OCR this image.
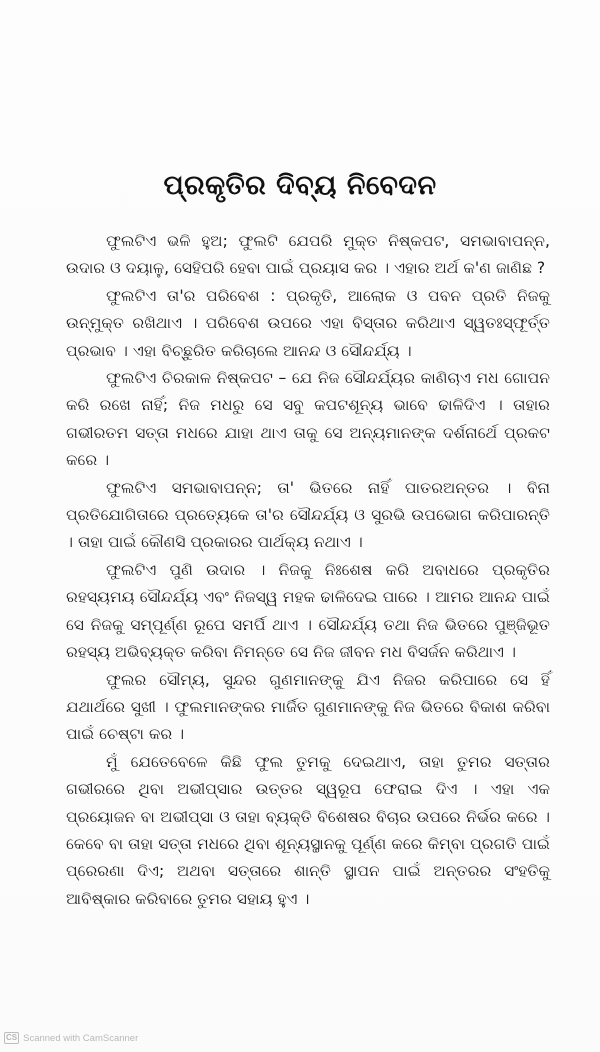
ପ୍ରକୃତିର ଦିବ୍ୟ ନିବେଦନ

ଫୁଲଟିଏ ଭଳି ହୁଅ; ଫୁଲଟି ଯେପରି ମୁକ୍ତ ନିଷ୍କପଟ, ସମଭାବାପନ୍ନ, ଉଦାର ଓ ଦୟାଳୁ, ସେହିପରି ହେବା ପାଇଁ ପ୍ରୟାସ କର । ଏହାର ଅର୍ଥ କ'ଣ ଜାଣିଛ ?

ଫୁଲଟିଏ ତା'ର ପରିବେଶ : ପ୍ରକୃତି, ଆଲୋକ ଓ ପବନ ପ୍ରତି ନିଜକୁ ଉନ୍ମୁକ୍ତ ରଖିଥାଏ । ପରିବେଶ ଉପରେ ଏହା ବିସ୍ତାର କରିଥାଏ ସ୍ୱତଃସ୍ଫୂର୍ତ୍ତ ପ୍ରଭାବ । ଏହା ବିଚ୍ଛୁରିତ କରିଚାଲେ ଆନନ୍ଦ ଓ ସୌନ୍ଦର୍ଯ୍ୟ ।

ଫୁଲଟିଏ ଚିରକାଳ ନିଷ୍କପଟ – ଯେ ନିଜ ସୌନ୍ଦର୍ଯ୍ୟର କାଣିଚାଏ ମଧ ଗୋପନ କରି ରଖେ ନାହିଁ; ନିଜ ମଧରୁ ସେ ସବୁ କପଟଶୂନ୍ୟ ଭାବେ ଢାଳିଦିଏ । ତାହାର ଗଭୀରତମ ସତ୍ତା ମଧରେ ଯାହା ଥାଏ ତାକୁ ସେ ଅନ୍ୟମାନଙ୍କ ଦର୍ଶନାର୍ଥେ ପ୍ରକଟ କରେ ।

ଫୁଲଟିଏ ସମଭାବାପନ୍ନ; ତା' ଭିତରେ ନାହିଁ ପାତରଅନ୍ତର । ବିନା ପ୍ରତିଯୋଗିତାରେ ପ୍ରତ୍ୟେକେ ତା'ର ସୌନ୍ଦର୍ଯ୍ୟ ଓ ସୁରଭି ଉପଭୋଗ କରିପାରନ୍ତି । ତାହା ପାଇଁ କୌଣସି ପ୍ରକାରର ପାର୍ଥକ୍ୟ ନଥାଏ ।

ଫୁଲଟିଏ ପୁଣି ଉଦାର । ନିଜକୁ ନିଃଶେଷ କରି ଅବାଧରେ ପ୍ରକୃତିର ରହସ୍ୟମୟ ସୌନ୍ଦର୍ଯ୍ୟ ଏବଂ ନିଜସ୍ୱ ମହକ ଢାଳିଦେଇ ପାରେ । ଆମର ଆନନ୍ଦ ପାଇଁ ସେ ନିଜକୁ ସମ୍ପୂର୍ଣ୍ଣ ରୂପେ ସମର୍ପି ଥାଏ । ସୌନ୍ଦର୍ଯ୍ୟ ତଥା ନିଜ ଭିତରେ ପୁଞ୍ଜିଭୂତ ରହସ୍ୟ ଅଭିବ୍ୟକ୍ତ କରିବା ନିମନ୍ତେ ସେ ନିଜ ଜୀବନ ମଧ ବିସର୍ଜନ କରିଥାଏ ।

ଫୁଲର ସୌମ୍ୟ, ସୁନ୍ଦର ଗୁଣମାନଙ୍କୁ ଯିଏ ନିଜର କରିପାରେ ସେ ହିଁ ଯଥାର୍ଥରେ ସୁଖୀ । ଫୁଲମାନଙ୍କର ମାର୍ଜିତ ଗୁଣମାନଙ୍କୁ ନିଜ ଭିତରେ ବିକାଶ କରିବା ପାଇଁ ଚେଷ୍ଟା କର ।

ମୁଁ ଯେତେବେଳେ କିଛି ଫୁଲ ତୁମକୁ ଦେଇଥାଏ, ତାହା ତୁମର ସତ୍ତାର ଗଭୀରରେ ଥିବା ଅଭୀପ୍ସାର ଉତ୍ତର ସ୍ୱରୂପ ଫେରାଇ ଦିଏ । ଏହା ଏକ ପ୍ରୟୋଜନ ବା ଅଭୀପ୍ସା ଓ ତାହା ବ୍ୟକ୍ତି ବିଶେଷର ବିଚାର ଉପରେ ନିର୍ଭର କରେ । କେବେ ବା ତାହା ସତ୍ତା ମଧରେ ଥିବା ଶୂନ୍ୟସ୍ଥାନକୁ ପୂର୍ଣ୍ଣ କରେ କିମ୍ବା ପ୍ରଗତି ପାଇଁ ପ୍ରେରଣା ଦିଏ; ଅଥବା ସତ୍ତାରେ ଶାନ୍ତି ସ୍ଥାପନ ପାଇଁ ଅନ୍ତରର ସଂହତିକୁ ଆବିଷ୍କାର କରିବାରେ ତୁମର ସହାୟ ହୁଏ ।

CS Scanned with CamScanner
